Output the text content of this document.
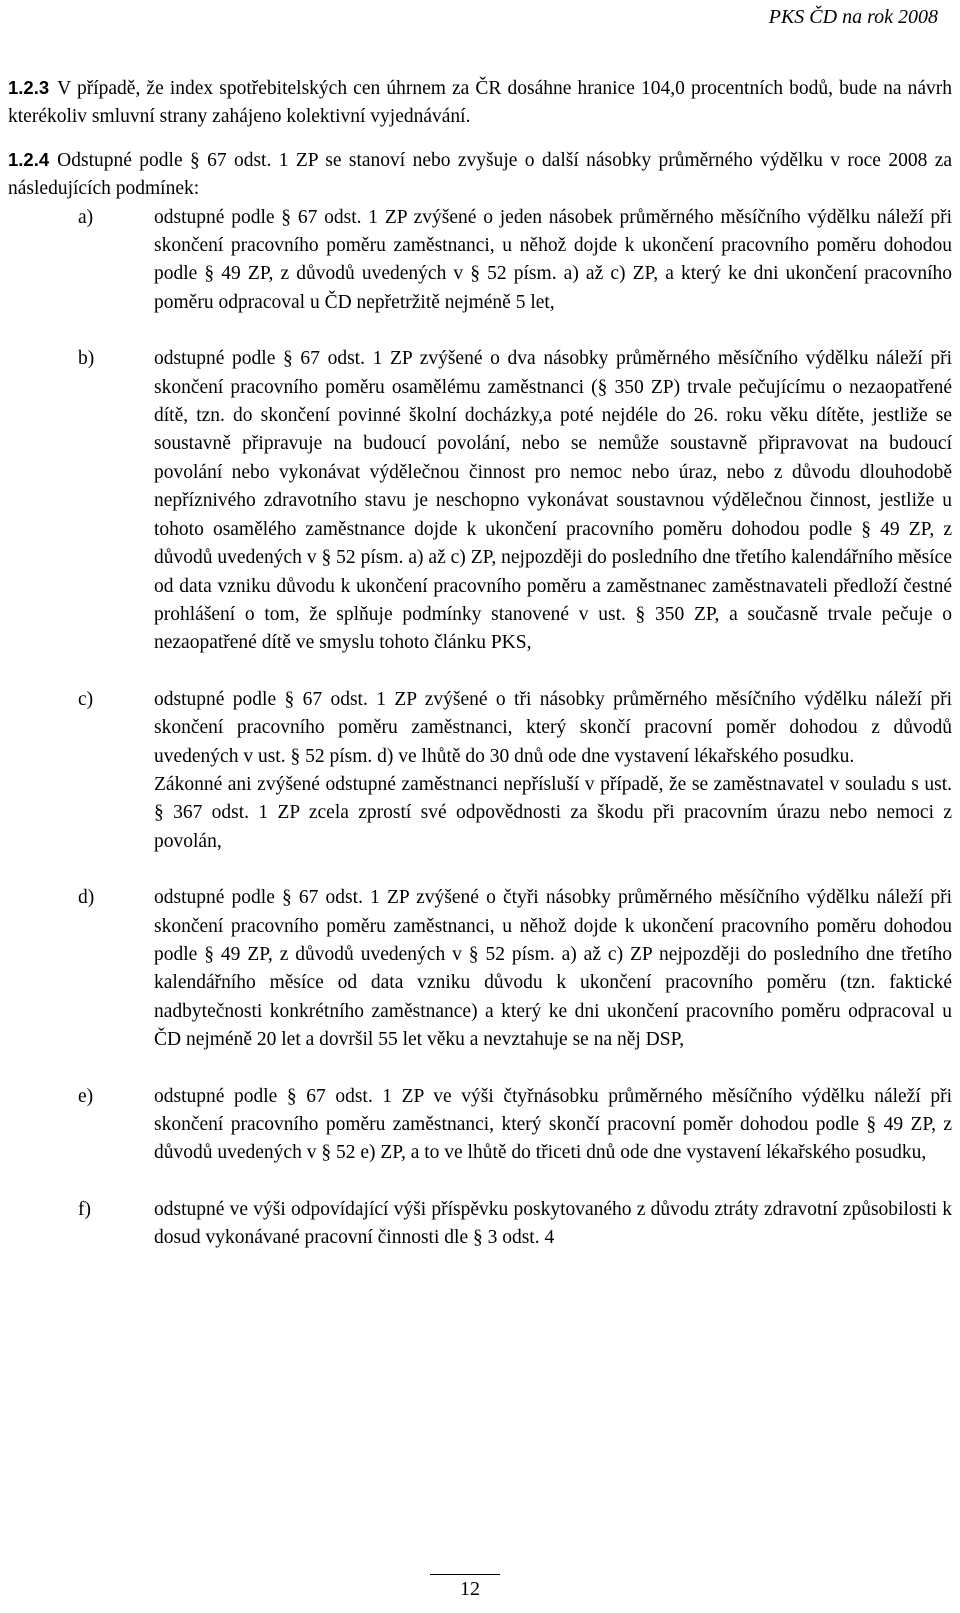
PKS ČD na rok 2008

1.2.3 V případě, že index spotřebitelských cen úhrnem za ČR dosáhne hranice 104,0 procentních bodů, bude na návrh kterékoliv smluvní strany zahájeno kolektivní vyjednávání.

1.2.4 Odstupné podle § 67 odst. 1 ZP se stanoví nebo zvyšuje o další násobky průměrného výdělku v roce 2008 za následujících podmínek:

a)	odstupné podle § 67 odst. 1 ZP zvýšené o jeden násobek průměrného měsíčního výdělku náleží při skončení pracovního poměru zaměstnanci, u něhož dojde k ukončení pracovního poměru dohodou podle § 49 ZP, z důvodů uvedených v § 52 písm. a) až c) ZP, a který ke dni ukončení pracovního poměru odpracoval u ČD nepřetržitě nejméně 5 let,
b)	odstupné podle § 67 odst. 1 ZP zvýšené o dva násobky průměrného měsíčního výdělku náleží při skončení pracovního poměru osamělému zaměstnanci (§ 350 ZP) trvale pečujícímu o nezaopatřené dítě, tzn. do skončení povinné školní docházky,a poté nejdéle do 26. roku věku dítěte, jestliže se soustavně připravuje na budoucí povolání, nebo se nemůže soustavně připravovat na budoucí povolání nebo vykonávat výdělečnou činnost pro nemoc nebo úraz, nebo z důvodu dlouhodobě nepříznivého zdravotního stavu je neschopno vykonávat soustavnou výdělečnou činnost, jestliže u tohoto osamělého zaměstnance dojde k ukončení pracovního poměru dohodou podle § 49 ZP, z důvodů uvedených v § 52 písm. a) až c) ZP, nejpozději do posledního dne třetího kalendářního měsíce od data vzniku důvodu k ukončení pracovního poměru a zaměstnanec zaměstnavateli předloží čestné prohlášení o tom, že splňuje podmínky stanovené v ust. § 350 ZP, a současně trvale pečuje o nezaopatřené dítě ve smyslu tohoto článku PKS,
c)	odstupné podle § 67 odst. 1 ZP zvýšené o tři násobky průměrného měsíčního výdělku náleží při skončení pracovního poměru zaměstnanci, který skončí pracovní poměr dohodou z důvodů uvedených v ust. § 52 písm. d) ve lhůtě do 30 dnů ode dne vystavení lékařského posudku.
Zákonné ani zvýšené odstupné zaměstnanci nepřísluší v případě, že se zaměstnavatel v souladu s ust. § 367 odst. 1 ZP zcela zprostí své odpovědnosti za škodu při pracovním úrazu nebo nemoci z povolán,
d)	odstupné podle § 67 odst. 1 ZP zvýšené o čtyři násobky průměrného měsíčního výdělku náleží při skončení pracovního poměru zaměstnanci, u něhož dojde k ukončení pracovního poměru dohodou podle § 49 ZP, z důvodů uvedených v § 52 písm. a) až c) ZP nejpozději do posledního dne třetího kalendářního měsíce od data vzniku důvodu k ukončení pracovního poměru (tzn. faktické nadbytečnosti konkrétního zaměstnance) a který ke dni ukončení pracovního poměru odpracoval u ČD nejméně 20 let a dovršil 55 let věku a nevztahuje se na něj DSP,
e)	odstupné podle § 67 odst. 1 ZP ve výši čtyřnásobku průměrného měsíčního výdělku náleží při skončení pracovního poměru zaměstnanci, který skončí pracovní poměr dohodou podle § 49 ZP, z důvodů uvedených v § 52 e) ZP, a to ve lhůtě do třiceti dnů ode dne vystavení lékařského posudku,
f)	odstupné ve výši odpovídající výši příspěvku poskytovaného z důvodu ztráty zdravotní způsobilosti k dosud vykonávané pracovní činnosti dle § 3 odst. 4
12
